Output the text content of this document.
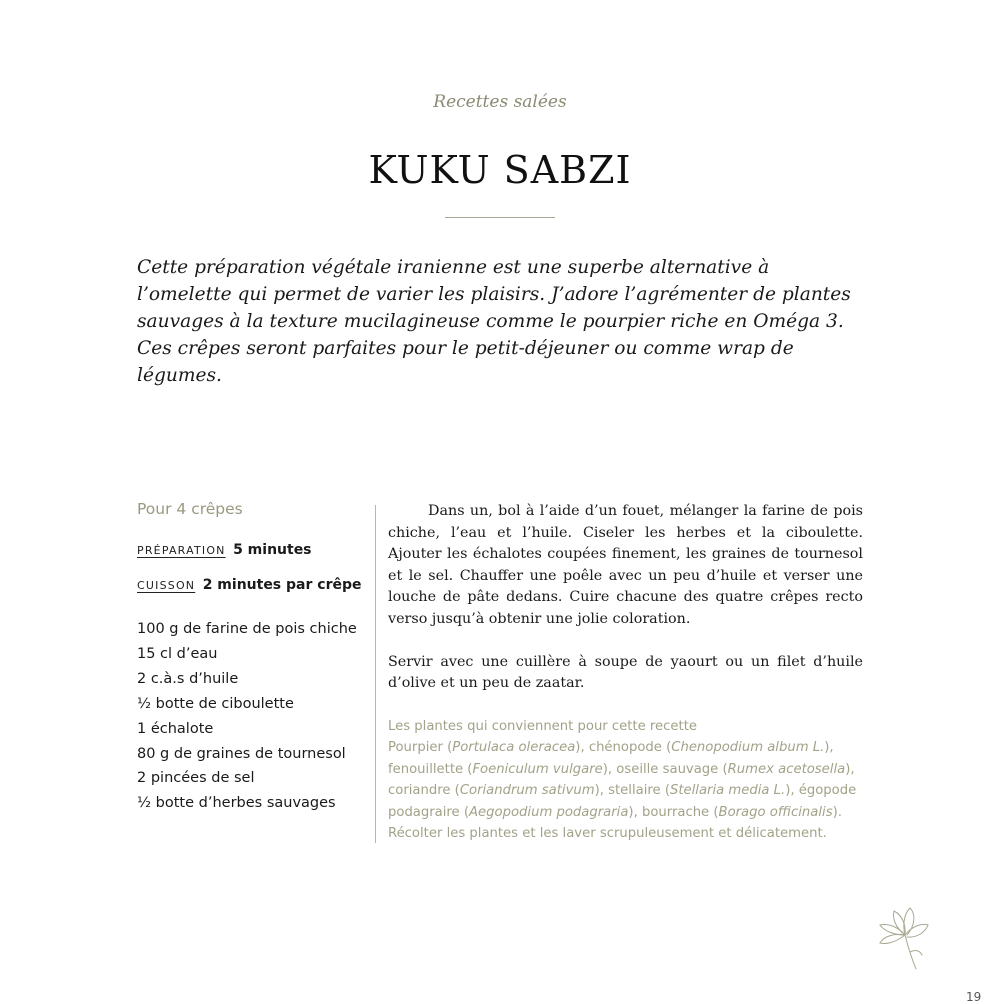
Recettes salées
KUKU SABZI

Cette préparation végétale iranienne est une superbe alternative à l’omelette qui permet de varier les plaisirs. J’adore l’agrémenter de plantes sauvages à la texture mucilagineuse comme le pourpier riche en Oméga 3. Ces crêpes seront parfaites pour le petit-déjeuner ou comme wrap de légumes.

Pour 4 crêpes
PRÉPARATION 5 minutes
CUISSON 2 minutes par crêpe
100 g de farine de pois chiche
15 cl d’eau
2 c.à.s d’huile
½ botte de ciboulette
1 échalote
80 g de graines de tournesol
2 pincées de sel
½ botte d’herbes sauvages

Dans un, bol à l’aide d’un fouet, mélanger la farine de pois chiche, l’eau et l’huile. Ciseler les herbes et la ciboulette. Ajouter les échalotes coupées finement, les graines de tournesol et le sel. Chauffer une poêle avec un peu d’huile et verser une louche de pâte dedans. Cuire chacune des quatre crêpes recto verso jusqu’à obtenir une jolie coloration.

Servir avec une cuillère à soupe de yaourt ou un filet d’huile d’olive et un peu de zaatar.

Les plantes qui conviennent pour cette recette

Pourpier (Portulaca oleracea), chénopode (Chenopodium album L.), fenouillette (Foeniculum vulgare), oseille sauvage (Rumex acetosella), coriandre (Coriandrum sativum), stellaire (Stellaria media L.), égopode podagraire (Aegopodium podagraria), bourrache (Borago officinalis). Récolter les plantes et les laver scrupuleusement et délicatement.

19
